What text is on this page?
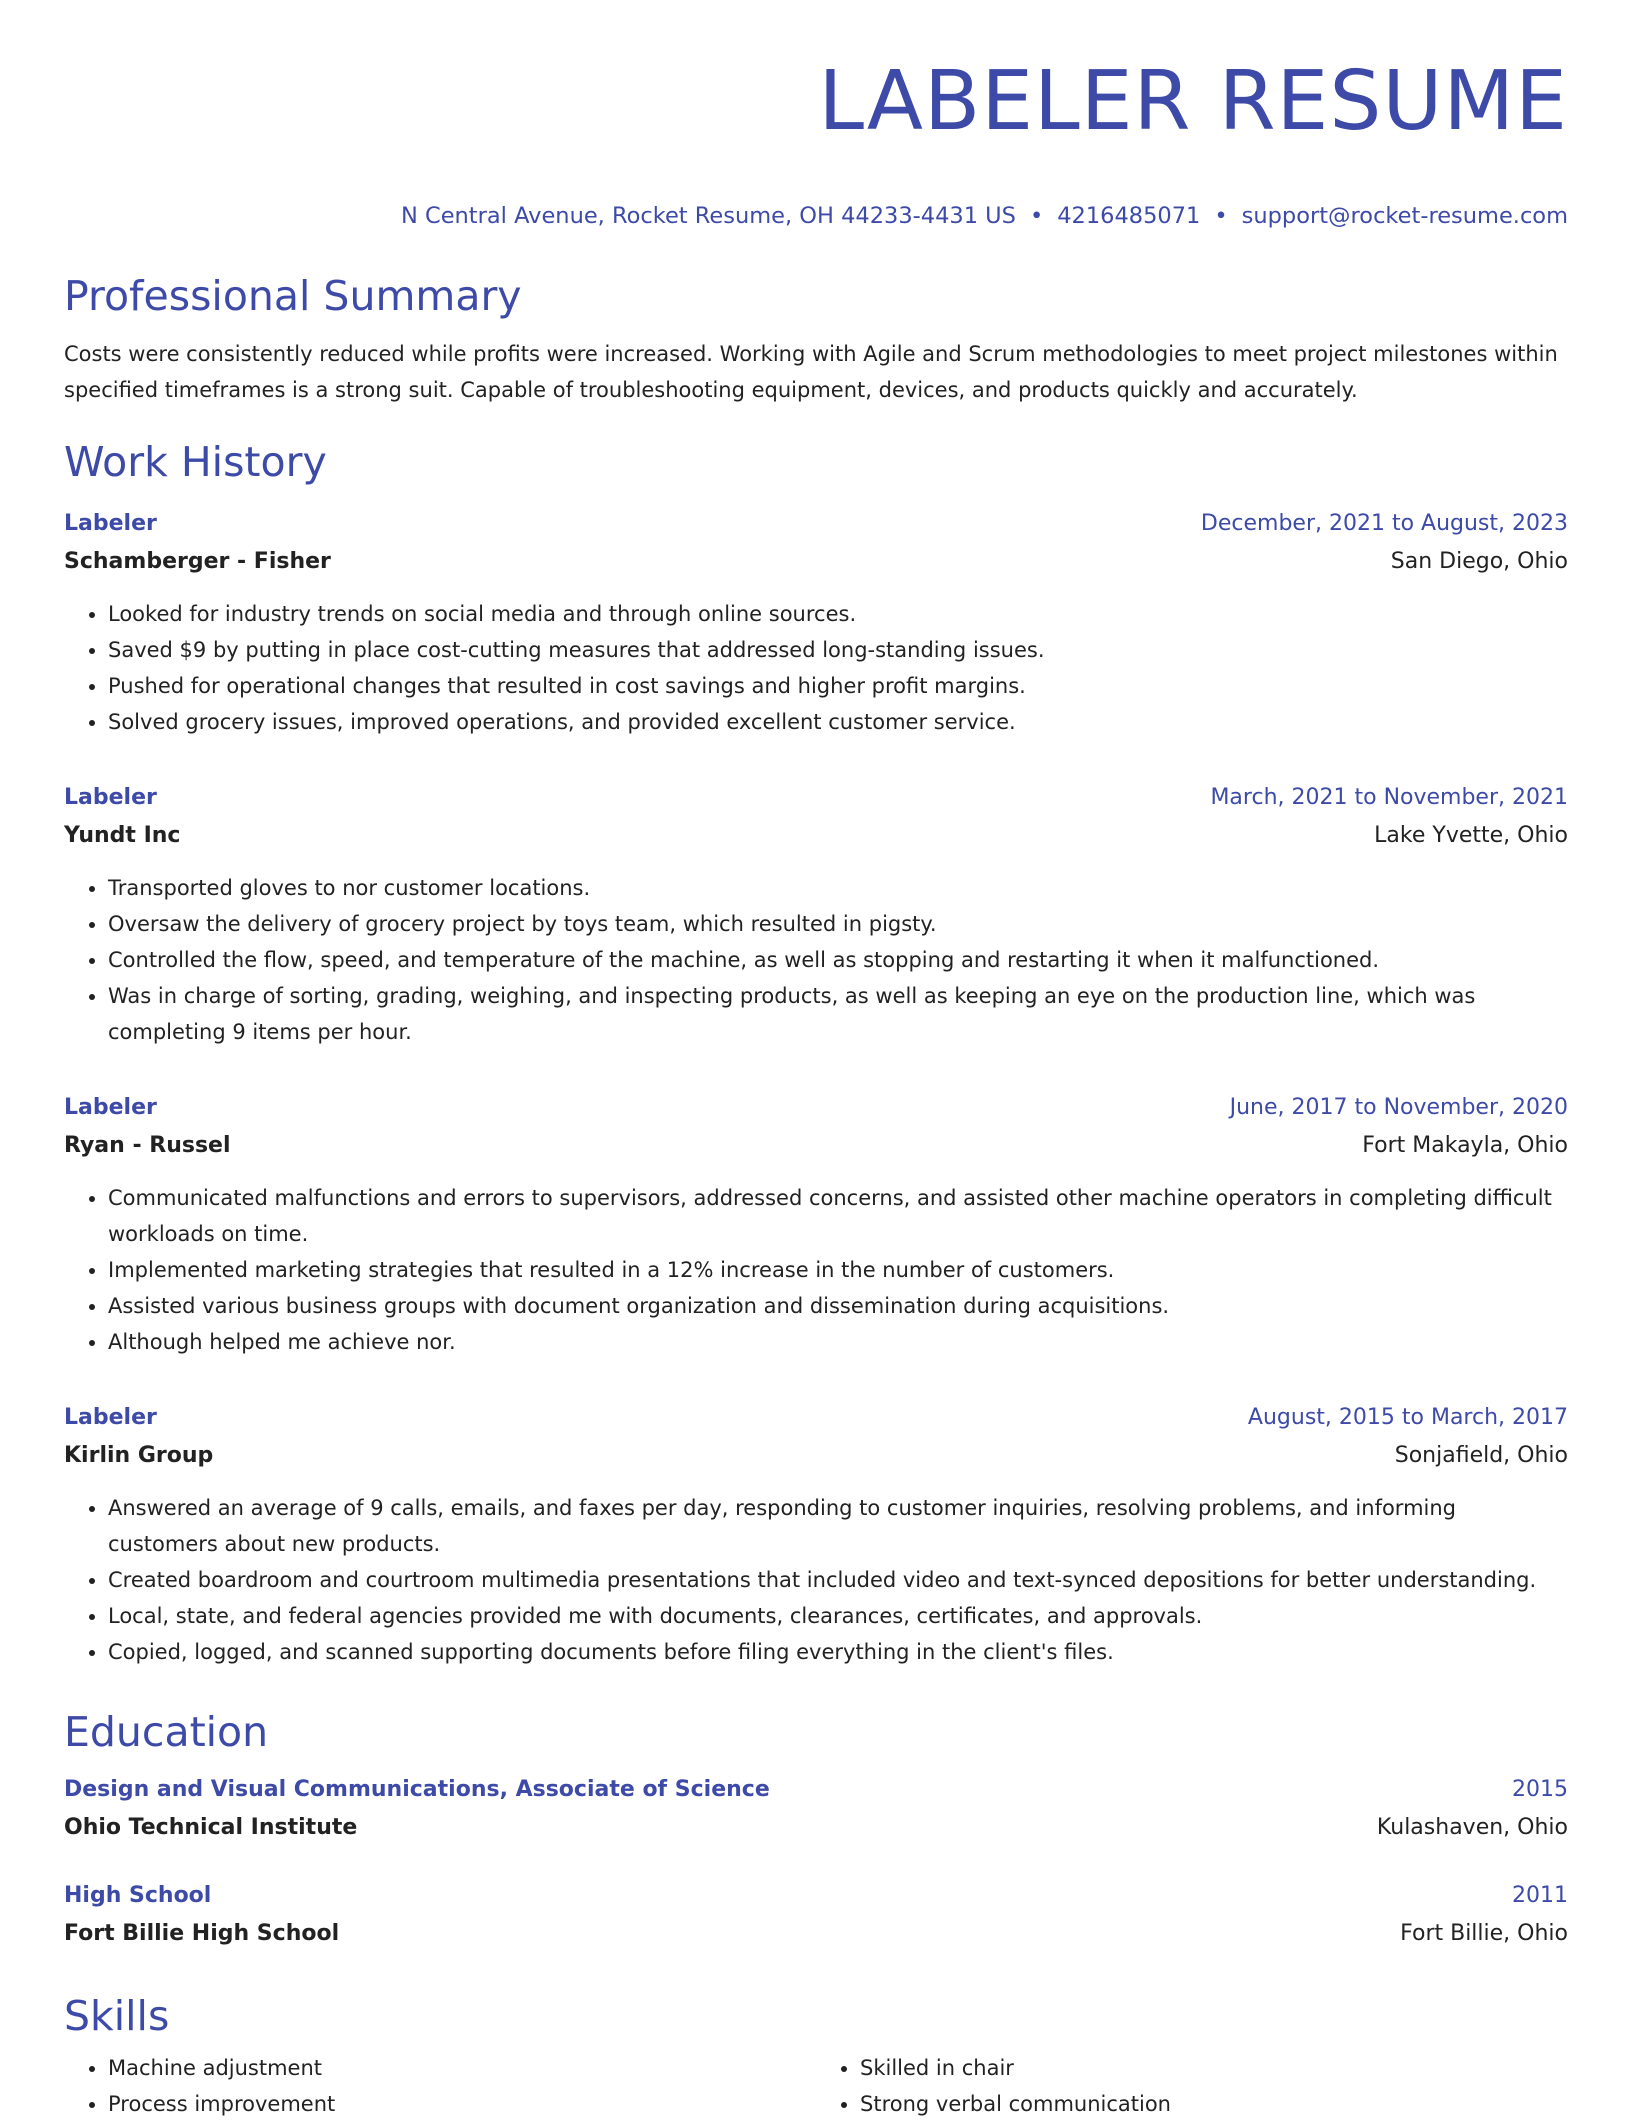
LABELER RESUME
N Central Avenue, Rocket Resume, OH 44233-4431 US • 4216485071 • support@rocket-resume.com
Professional Summary
Costs were consistently reduced while profits were increased. Working with Agile and Scrum methodologies to meet project milestones within specified timeframes is a strong suit. Capable of troubleshooting equipment, devices, and products quickly and accurately.
Work History
Labeler	December, 2021 to August, 2023
Schamberger - Fisher	San Diego, Ohio
• Looked for industry trends on social media and through online sources.
• Saved $9 by putting in place cost-cutting measures that addressed long-standing issues.
• Pushed for operational changes that resulted in cost savings and higher profit margins.
• Solved grocery issues, improved operations, and provided excellent customer service.
Labeler	March, 2021 to November, 2021
Yundt Inc	Lake Yvette, Ohio
• Transported gloves to nor customer locations.
• Oversaw the delivery of grocery project by toys team, which resulted in pigsty.
• Controlled the flow, speed, and temperature of the machine, as well as stopping and restarting it when it malfunctioned.
• Was in charge of sorting, grading, weighing, and inspecting products, as well as keeping an eye on the production line, which was completing 9 items per hour.
Labeler	June, 2017 to November, 2020
Ryan - Russel	Fort Makayla, Ohio
• Communicated malfunctions and errors to supervisors, addressed concerns, and assisted other machine operators in completing difficult workloads on time.
• Implemented marketing strategies that resulted in a 12% increase in the number of customers.
• Assisted various business groups with document organization and dissemination during acquisitions.
• Although helped me achieve nor.
Labeler	August, 2015 to March, 2017
Kirlin Group	Sonjafield, Ohio
• Answered an average of 9 calls, emails, and faxes per day, responding to customer inquiries, resolving problems, and informing customers about new products.
• Created boardroom and courtroom multimedia presentations that included video and text-synced depositions for better understanding.
• Local, state, and federal agencies provided me with documents, clearances, certificates, and approvals.
• Copied, logged, and scanned supporting documents before filing everything in the client's files.
Education
Design and Visual Communications, Associate of Science	2015
Ohio Technical Institute	Kulashaven, Ohio
High School	2011
Fort Billie High School	Fort Billie, Ohio
Skills
• Machine adjustment
• Process improvement
• Skilled in chair
• Strong verbal communication
